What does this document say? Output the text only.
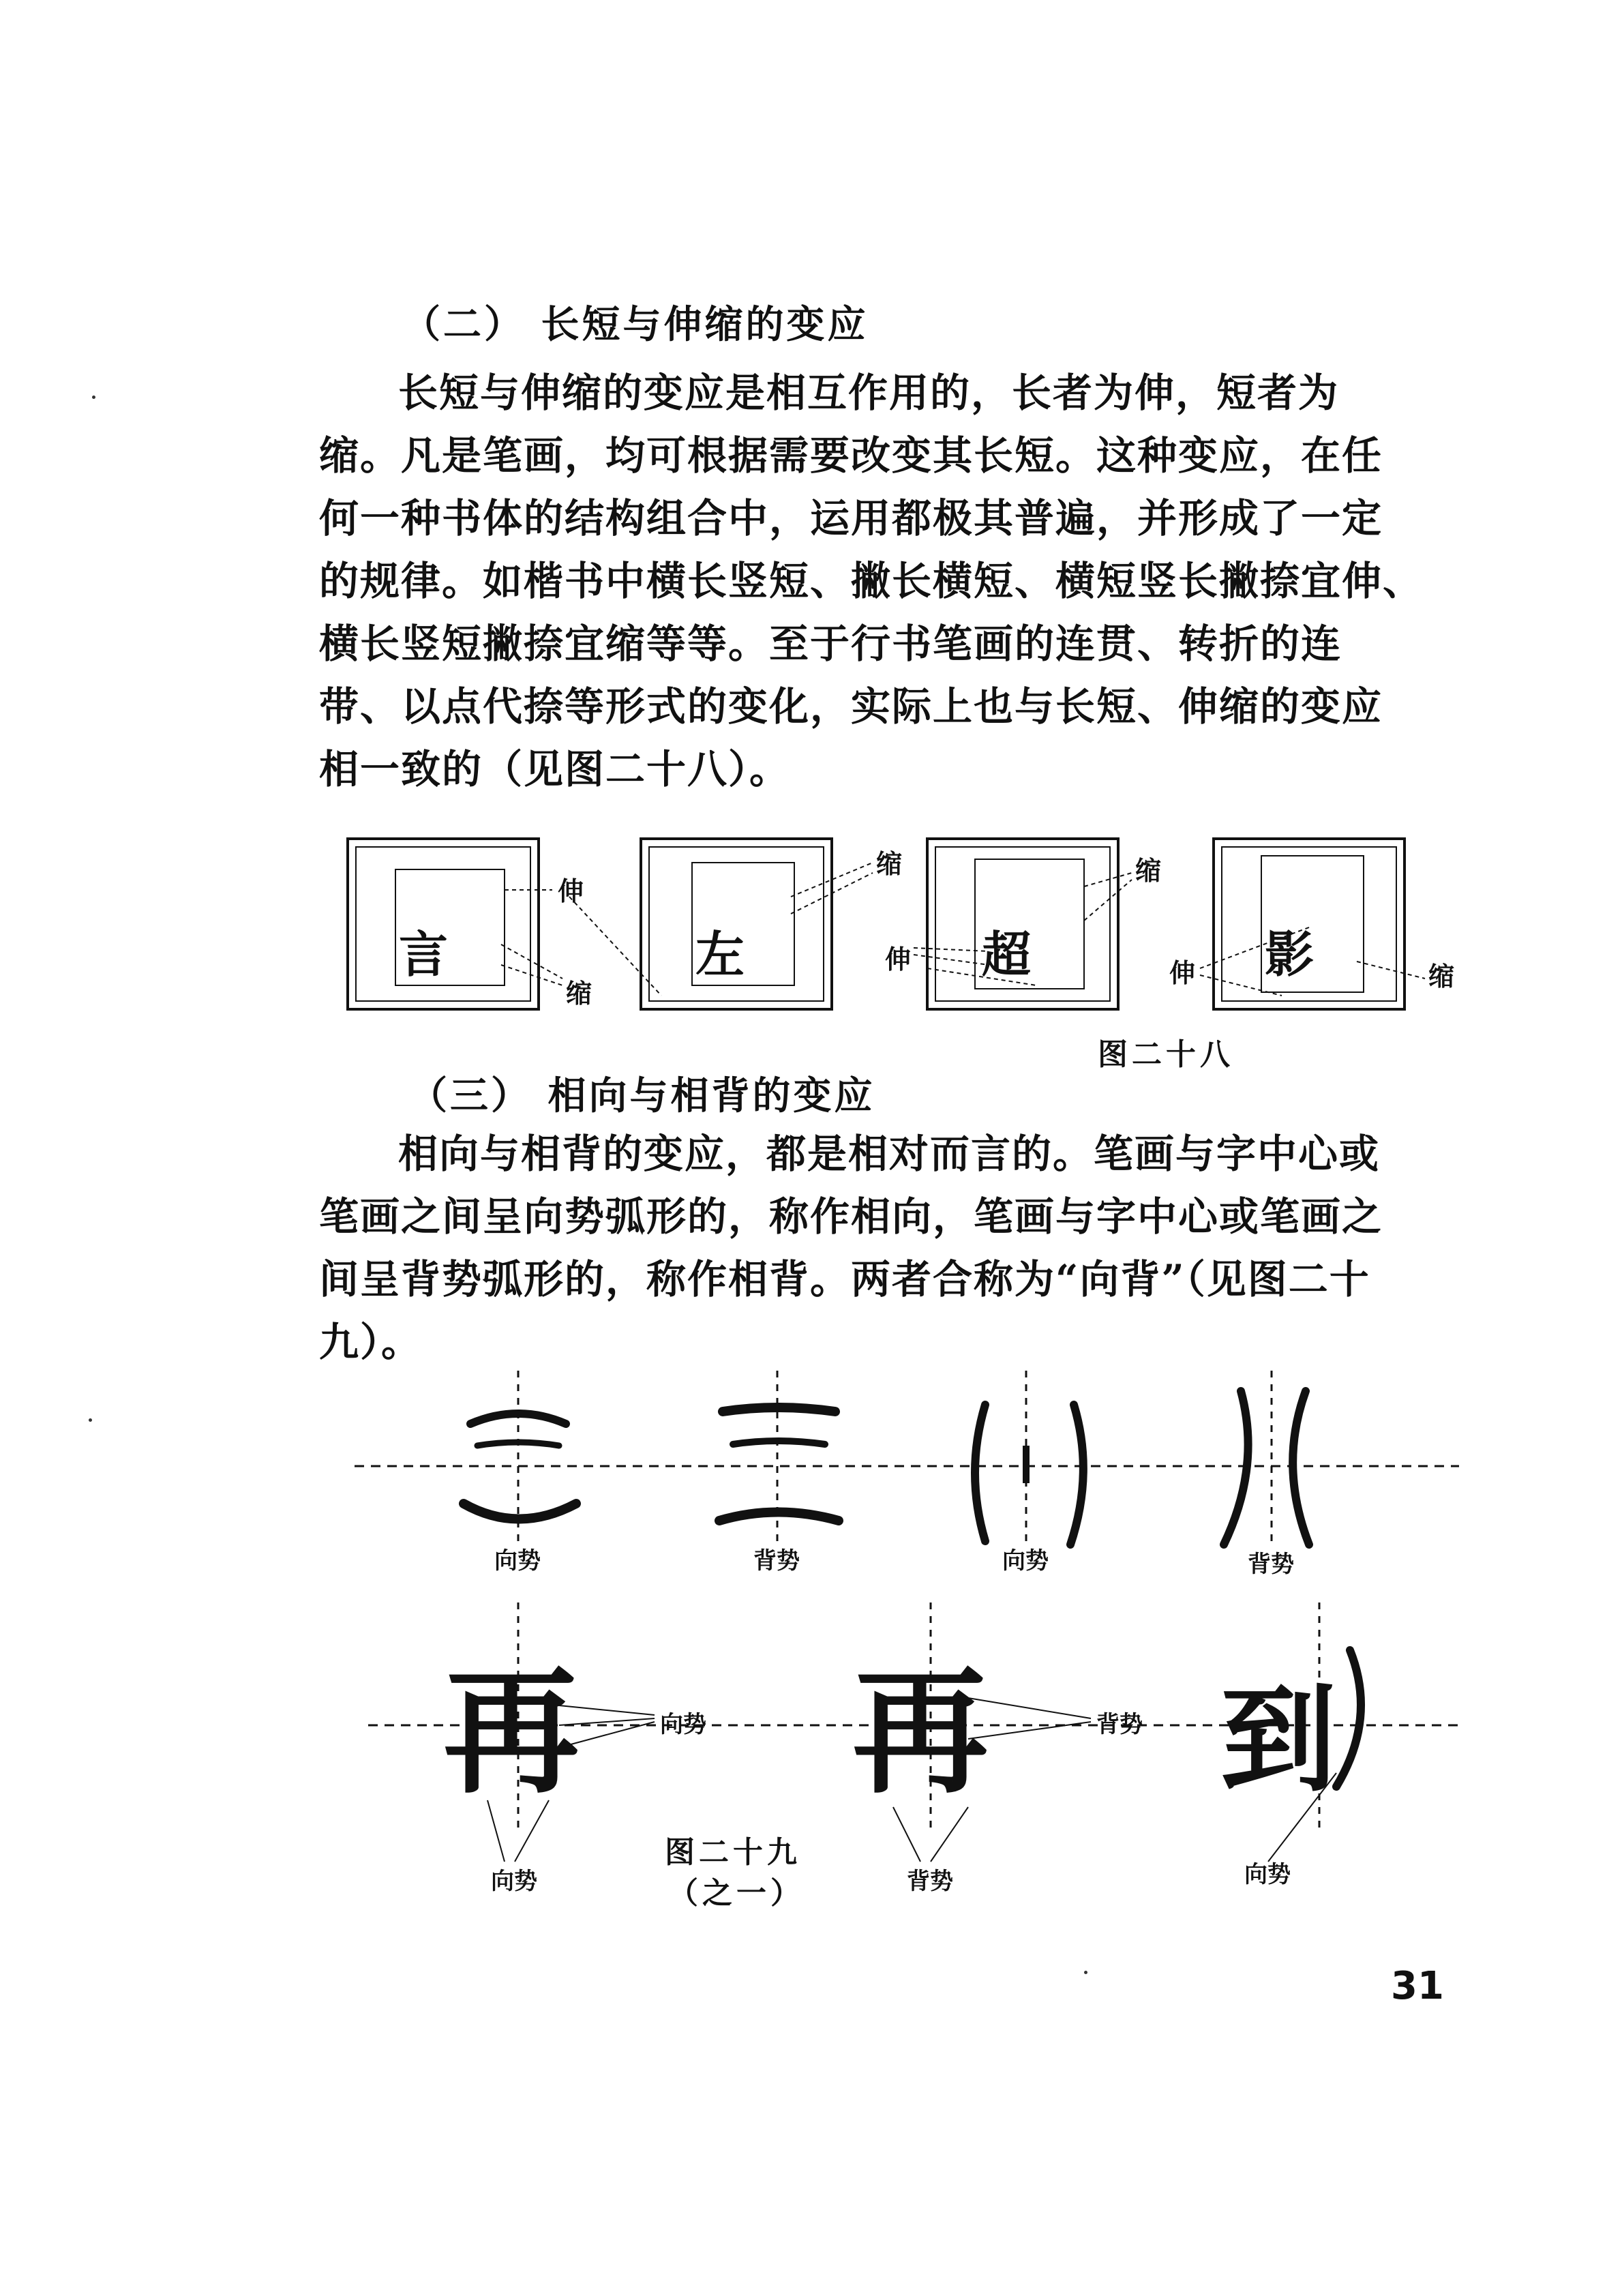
（二） 长短与伸缩的变应
长短与伸缩的变应是相互作用的，长者为伸，短者为
缩。凡是笔画，均可根据需要改变其长短。这种变应，在任
何一种书体的结构组合中，运用都极其普遍，并形成了一定
的规律。如楷书中横长竖短、撇长横短、横短竖长撇捺宜伸、
横长竖短撇捺宜缩等等。至于行书笔画的连贯、转折的连
带、以点代捺等形式的变化，实际上也与长短、伸缩的变应
相一致的（见图二十八）。
言	左	超	影
伸
缩
缩
伸
缩
伸	缩
图二十八
（三） 相向与相背的变应
相向与相背的变应，都是相对而言的。笔画与字中心或
笔画之间呈向势弧形的，称作相向，笔画与字中心或笔画之
间呈背势弧形的，称作相背。两者合称为“向背”（见图二十
九）。
向势	背势	向势	背势
再 再 到
向势	背势
向势	背势	向势
图二十九
（之一）
31
